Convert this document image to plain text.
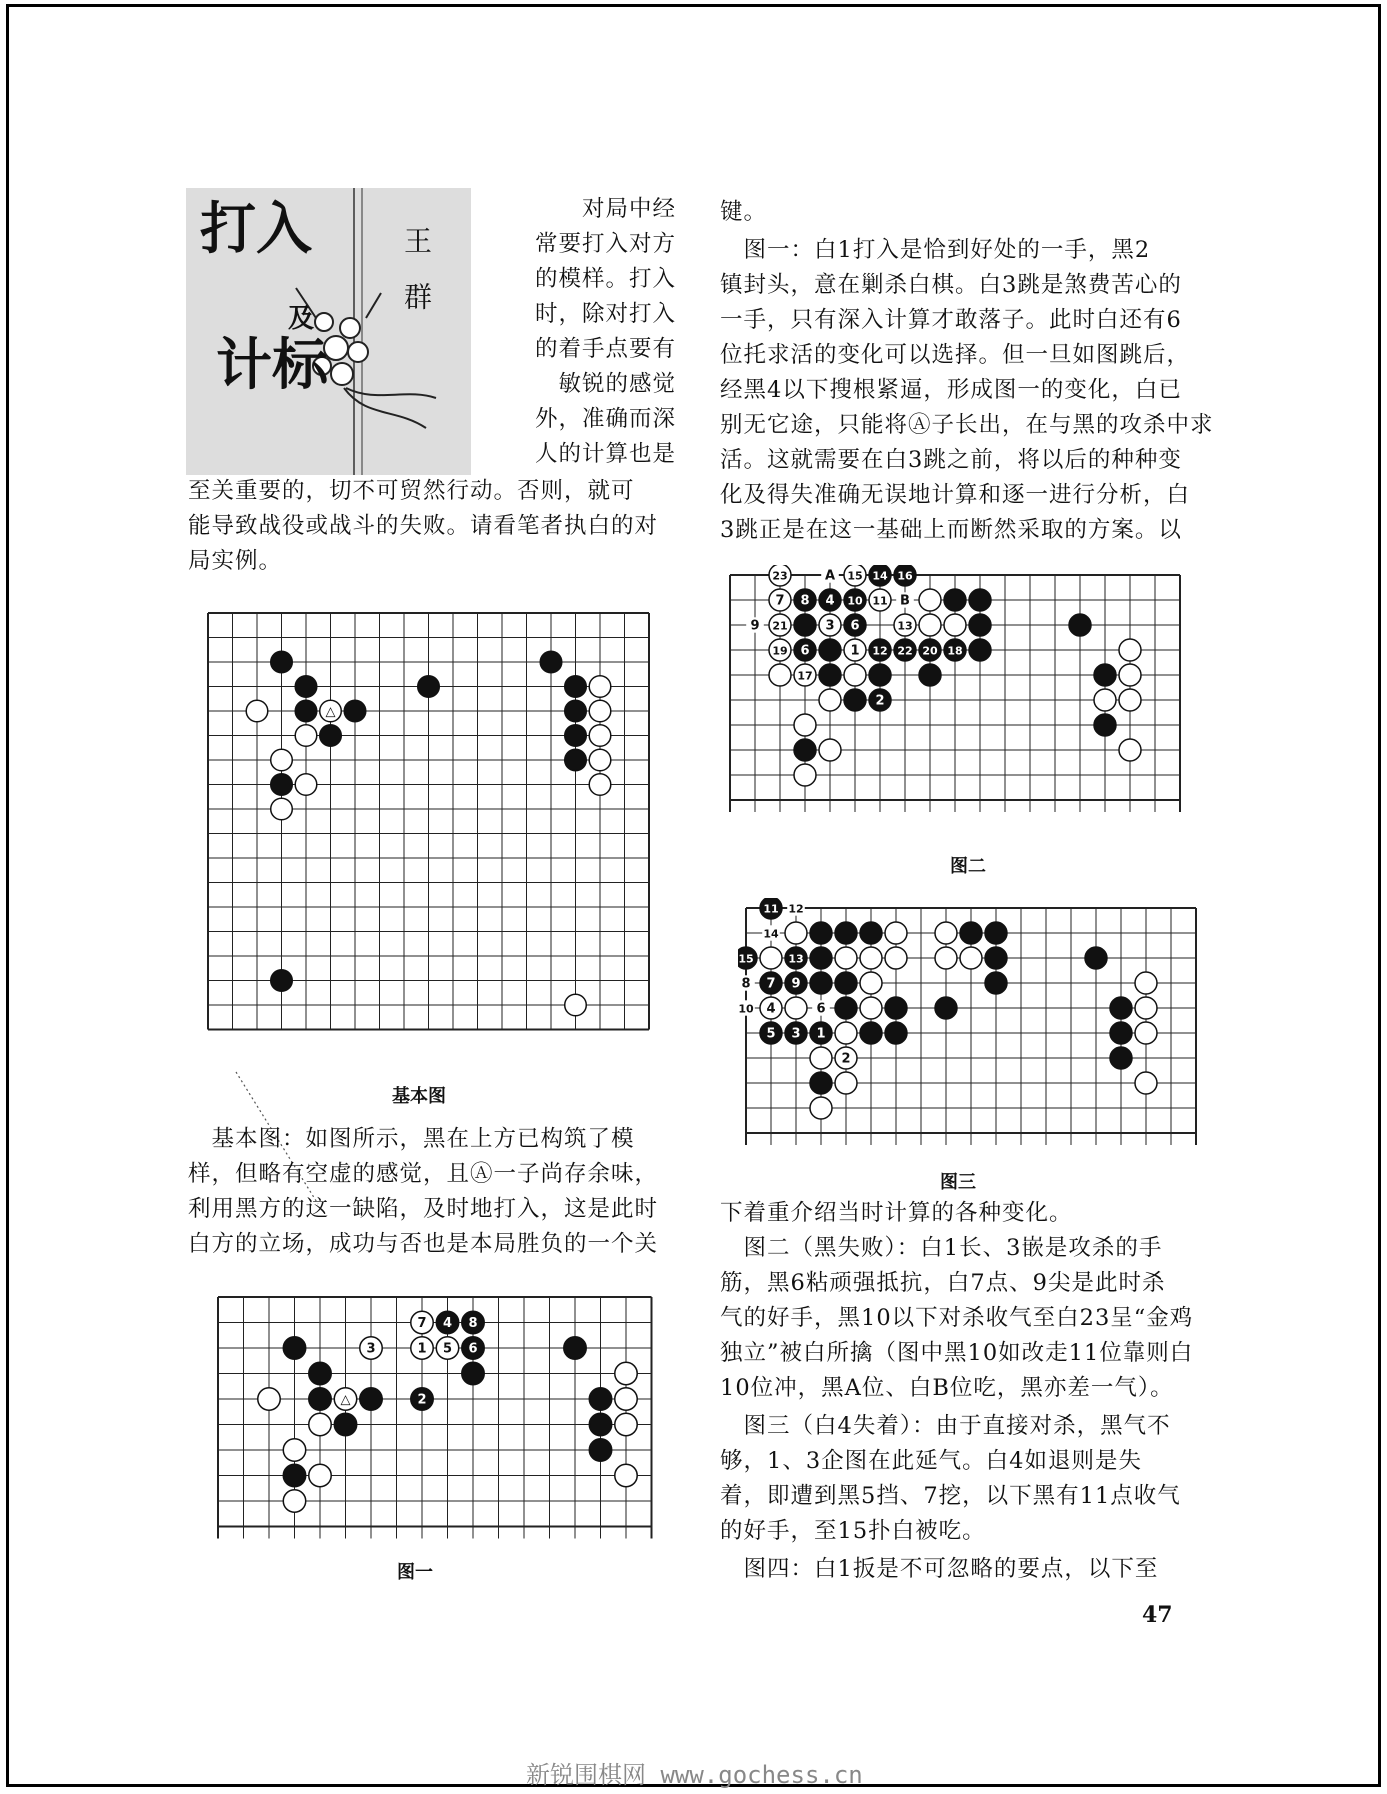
打入
及
计标
王　群

对局中经

常要打入对方

的模样。打入

时，除对打入

的着手点要有

敏锐的感觉

外，准确而深

人的计算也是

至关重要的，切不可贸然行动。否则，就可

能导致战役或战斗的失败。请看笔者执白的对

局实例。

△
基本图

　基本图：如图所示，黑在上方已构筑了模

样，但略有空虚的感觉，且Ⓐ一子尚存余味，

利用黑方的这一缺陷，及时地打入，这是此时

白方的立场，成功与否也是本局胜负的一个关

7 4 8
3	1 5 6
△	2
图一

键。

　图一：白1打入是恰到好处的一手，黑2

镇封头，意在剿杀白棋。白3跳是煞费苦心的

一手，只有深入计算才敢落子。此时白还有6

位托求活的变化可以选择。但一旦如图跳后，

经黑4以下搜根紧逼，形成图一的变化，白已

别无它途，只能将Ⓐ子长出，在与黑的攻杀中求

活。这就需要在白3跳之前，将以后的种种变

化及得失准确无误地计算和逐一进行分析，白

3跳正是在这一基础上而断然采取的方案。以

23	A 15 14 16
7 8 4 10 11 B
9 21	3 6	13
19 6	1 12 22 20 18
17
2
图二
11 12
14
15	13
8 7 9
10 4	6
5 3 1
2
图三

下着重介绍当时计算的各种变化。

　图二（黑失败）：白1长、3嵌是攻杀的手

筋，黑6粘顽强抵抗，白7点、9尖是此时杀

气的好手，黑10以下对杀收气至白23呈“金鸡

独立”被白所擒（图中黑10如改走11位靠则白

10位冲，黑A位、白B位吃，黑亦差一气）。

　图三（白4失着）：由于直接对杀，黑气不

够，1、3企图在此延气。白4如退则是失

着，即遭到黑5挡、7挖，以下黑有11点收气

的好手，至15扑白被吃。

　图四：白1扳是不可忽略的要点，以下至

47
新锐围棋网 www.gochess.cn
